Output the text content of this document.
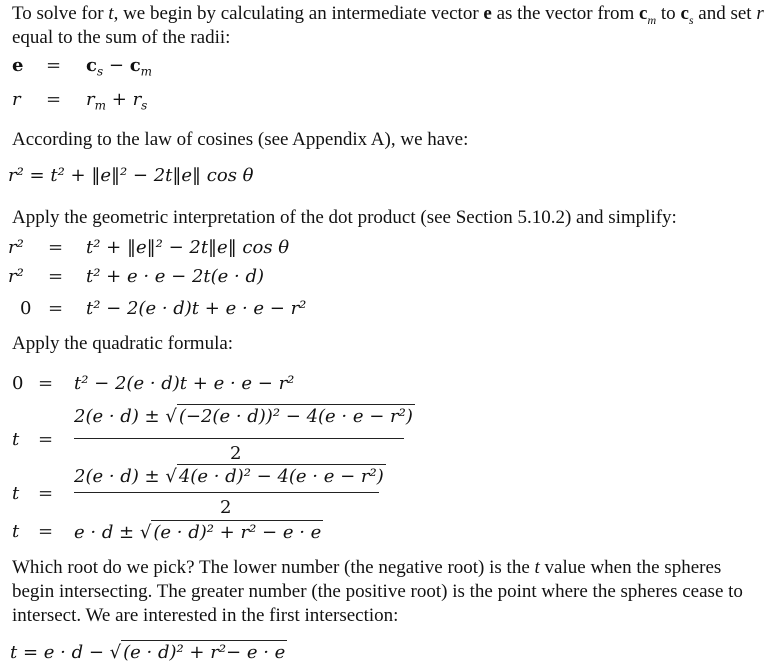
To solve for t, we begin by calculating an intermediate vector e as the vector from $c_m$ to $c_s$ and set r
equal to the sum of the radii:
$e = c_s - c_m$
$r = r_m + r_s$
According to the law of cosines (see Appendix A), we have:
r² = t² + ‖e‖² − 2t‖e‖ cos θ
Apply the geometric interpretation of the dot product (see Section 5.10.2) and simplify:
r² = t² + ‖e‖² − 2t‖e‖ cos θ
r² = t² + e · e − 2t(e · d)
0 = t² − 2(e · d)t + e · e − r²
Apply the quadratic formula:
0 = t² − 2(e · d)t + e · e − r²
t =
2(e · d) ± √ (−2(e · d))² − 4(e · e − r²)
2
t =
2(e · d) ± √ 4(e · d)² − 4(e · e − r²)
2
t = e · d ± √ (e · d)² + r² − e · e
Which root do we pick? The lower number (the negative root) is the t value when the spheres
begin intersecting. The greater number (the positive root) is the point where the spheres cease to
intersect. We are interested in the first intersection:
t = e · d − √ (e · d)² + r²− e · e
